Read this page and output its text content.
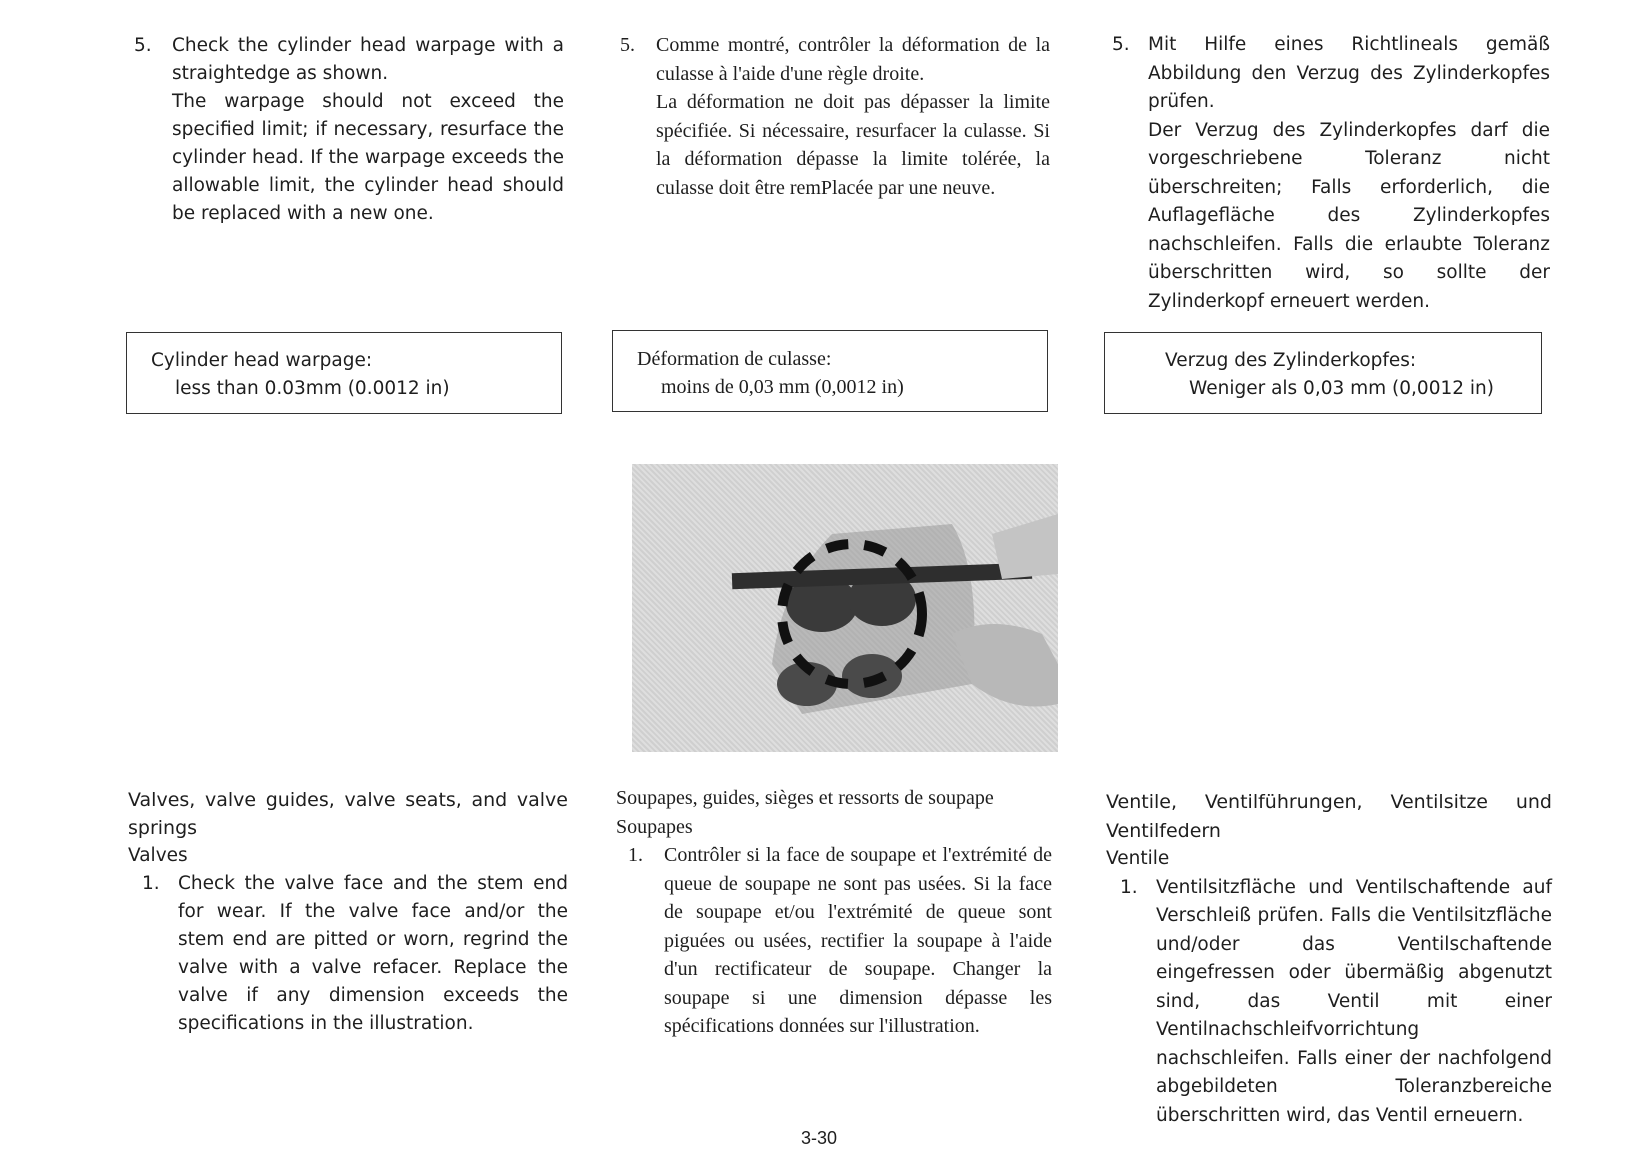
5. Check the cylinder head warpage with a straightedge as shown.
The warpage should not exceed the specified limit; if necessary, resurface the cylinder head. If the warpage exceeds the allowable limit, the cylinder head should be replaced with a new one.
Cylinder head warpage:
less than 0.03mm (0.0012 in)
Valves, valve guides, valve seats, and valve springs
Valves
1. Check the valve face and the stem end for wear. If the valve face and/or the stem end are pitted or worn, regrind the valve with a valve refacer. Replace the valve if any dimension exceeds the specifications in the illustration.
5. Comme montré, contrôler la déformation de la culasse à l'aide d'une règle droite.
La déformation ne doit pas dépasser la limite spécifiée. Si nécessaire, resurfacer la culasse. Si la déformation dépasse la limite tolérée, la culasse doit être remPlacée par une neuve.
Déformation de culasse:
moins de 0,03 mm (0,0012 in)
Soupapes, guides, sièges et ressorts de soupape
Soupapes
1. Contrôler si la face de soupape et l'extrémité de queue de soupape ne sont pas usées. Si la face de soupape et/ou l'extrémité de queue sont piguées ou usées, rectifier la soupape à l'aide d'un rectificateur de soupape. Changer la soupape si une dimension dépasse les spécifications données sur l'illustration.
5. Mit Hilfe eines Richtlineals gemäß Abbildung den Verzug des Zylinderkopfes prüfen.
Der Verzug des Zylinderkopfes darf die vorgeschriebene Toleranz nicht überschreiten; Falls erforderlich, die Auflagefläche des Zylinderkopfes nachschleifen. Falls die erlaubte Toleranz überschritten wird, so sollte der Zylinderkopf erneuert werden.
Verzug des Zylinderkopfes:
Weniger als 0,03 mm (0,0012 in)
Ventile, Ventilführungen, Ventilsitze und Ventilfedern
Ventile
1. Ventilsitzfläche und Ventilschaftende auf Verschleiß prüfen. Falls die Ventilsitzfläche und/oder das Ventilschaftende eingefressen oder übermäßig abgenutzt sind, das Ventil mit einer Ventilnachschleifvorrichtung nachschleifen. Falls einer der nachfolgend abgebildeten Toleranzbereiche überschritten wird, das Ventil erneuern.
3-30
